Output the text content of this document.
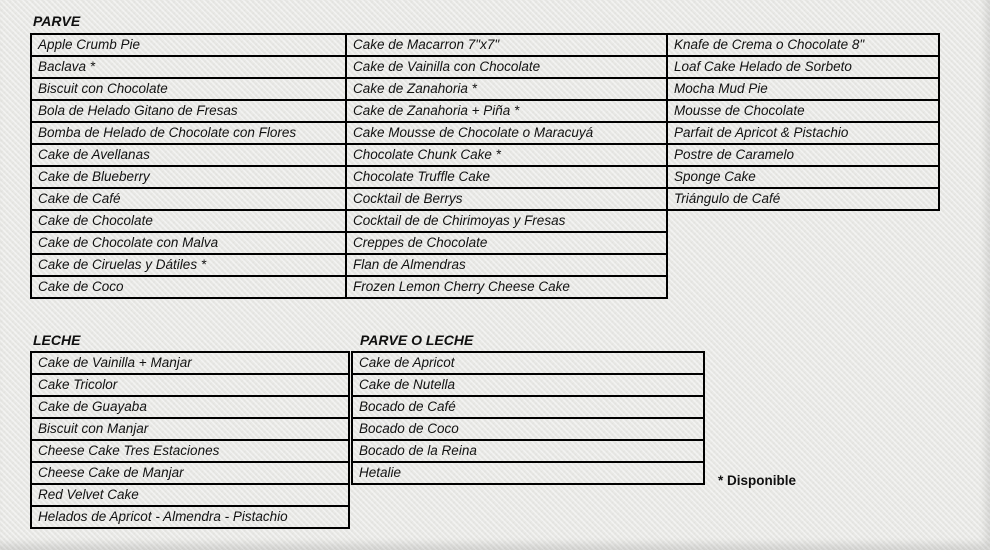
PARVE
Apple Crumb Pie
Baclava *
Biscuit con Chocolate
Bola de Helado Gitano de Fresas
Bomba de Helado de Chocolate con Flores
Cake de Avellanas
Cake de Blueberry
Cake de Café
Cake de Chocolate
Cake de Chocolate con Malva
Cake de Ciruelas y Dátiles *
Cake de Coco
Cake de Macarron 7"x7"
Cake de Vainilla con Chocolate
Cake de Zanahoria *
Cake de Zanahoria + Piña *
Cake Mousse de Chocolate o Maracuyá
Chocolate Chunk Cake *
Chocolate Truffle Cake
Cocktail de Berrys
Cocktail de de Chirimoyas y Fresas
Creppes de Chocolate
Flan de Almendras
Frozen Lemon Cherry Cheese Cake
Knafe de Crema o Chocolate 8"
Loaf Cake Helado de Sorbeto
Mocha Mud Pie
Mousse de Chocolate
Parfait de Apricot & Pistachio
Postre de Caramelo
Sponge Cake
Triángulo de Café
LECHE
Cake de Vainilla + Manjar
Cake Tricolor
Cake de Guayaba
Biscuit con Manjar
Cheese Cake Tres Estaciones
Cheese Cake de Manjar
Red Velvet Cake
Helados de Apricot - Almendra - Pistachio
PARVE O LECHE
Cake de Apricot
Cake de Nutella
Bocado de Café
Bocado de Coco
Bocado de la Reina
Hetalie
* Disponible
